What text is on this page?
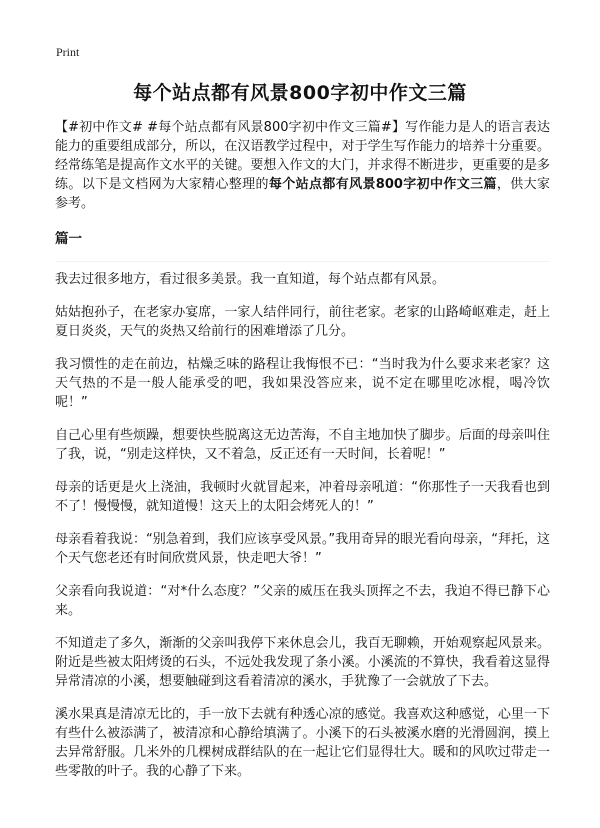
Print
每个站点都有风景800字初中作文三篇

【#初中作文# #每个站点都有风景800字初中作文三篇#】写作能力是人的语言表达能力的重要组成部分，所以，在汉语教学过程中，对于学生写作能力的培养十分重要。经常练笔是提高作文水平的关键。要想入作文的大门，并求得不断进步，更重要的是多练。以下是文档网为大家精心整理的每个站点都有风景800字初中作文三篇，供大家参考。

篇一

我去过很多地方，看过很多美景。我一直知道，每个站点都有风景。

姑姑抱孙子，在老家办宴席，一家人结伴同行，前往老家。老家的山路崎岖难走，赶上夏日炎炎，天气的炎热又给前行的困难增添了几分。

我习惯性的走在前边，枯燥乏味的路程让我悔恨不已：“当时我为什么要求来老家？这天气热的不是一般人能承受的吧，我如果没答应来，说不定在哪里吃冰棍，喝冷饮呢！”

自己心里有些烦躁，想要快些脱离这无边苦海，不自主地加快了脚步。后面的母亲叫住了我，说，“别走这样快，又不着急，反正还有一天时间，长着呢！”

母亲的话更是火上浇油，我顿时火就冒起来，冲着母亲吼道：“你那性子一天我看也到不了！慢慢慢，就知道慢！这天上的太阳会烤死人的！”

母亲看着我说：“别急着到，我们应该享受风景。”我用奇异的眼光看向母亲，“拜托，这个天气您老还有时间欣赏风景，快走吧大爷！”

父亲看向我说道：“对*什么态度？”父亲的威压在我头顶挥之不去，我迫不得已静下心来。

不知道走了多久，渐渐的父亲叫我停下来休息会儿，我百无聊赖，开始观察起风景来。附近是些被太阳烤烫的石头，不远处我发现了条小溪。小溪流的不算快，我看着这显得异常清凉的小溪，想要触碰到这看着清凉的溪水，手犹豫了一会就放了下去。

溪水果真是清凉无比的，手一放下去就有种透心凉的感觉。我喜欢这种感觉，心里一下有些什么被添满了，被清凉和心静给填满了。小溪下的石头被溪水磨的光滑圆润，摸上去异常舒服。几米外的几棵树成群结队的在一起让它们显得壮大。暖和的风吹过带走一些零散的叶子。我的心静了下来。
